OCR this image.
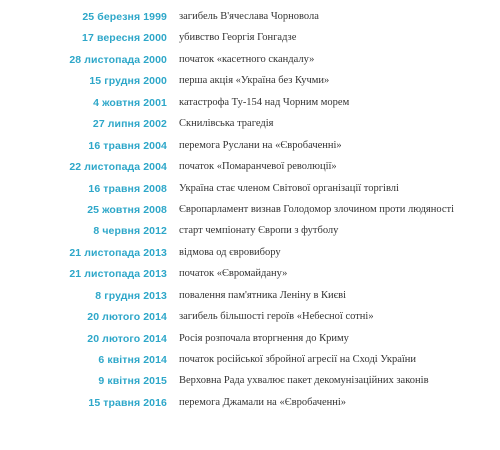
25 березня 1999 загибель В'ячеслава Чорновола
17 вересня 2000 убивство Георгія Гонгадзе
28 листопада 2000 початок «касетного скандалу»
15 грудня 2000 перша акція «Україна без Кучми»
4 жовтня 2001 катастрофа Ту-154 над Чорним морем
27 липня 2002 Скнилівська трагедія
16 травня 2004 перемога Руслани на «Євробаченні»
22 листопада 2004 початок «Помаранчевої революції»
16 травня 2008 Україна стає членом Світової організації торгівлі
25 жовтня 2008 Європарламент визнав Голодомор злочином проти людяності
8 червня 2012 старт чемпіонату Європи з футболу
21 листопада 2013 відмова од євровибору
21 листопада 2013 початок «Євромайдану»
8 грудня 2013 повалення пам'ятника Леніну в Києві
20 лютого 2014 загибель більшості героїв «Небесної сотні»
20 лютого 2014 Росія розпочала вторгнення до Криму
6 квітня 2014 початок російської збройної агресії на Сході України
9 квітня 2015 Верховна Рада ухвалює пакет декомунізаційних законів
15 травня 2016 перемога Джамали на «Євробаченні»
